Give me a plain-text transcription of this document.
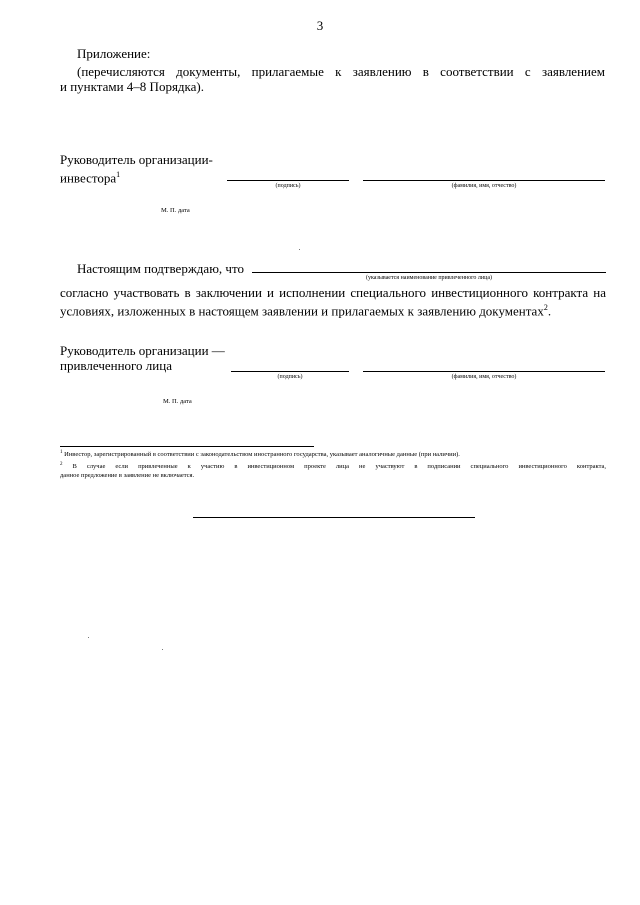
3
Приложение:
(перечисляются документы, прилагаемые к заявлению в соответствии с заявлением
и пунктами 4–8 Порядка).
Руководитель организации-
инвестора$^1$
(подпись)	(фамилия, имя, отчество)
М. П. дата
Настоящим подтверждаю, что
(указывается наименование привлеченного лица)
согласно участвовать в заключении и исполнении специального инвестиционного контракта на
условиях, изложенных в настоящем заявлении и прилагаемых к заявлению документах$^2$.
Руководитель организации —
привлеченного лица
(подпись)	(фамилия, имя, отчество)
М. П. дата
$^1$ Инвестор, зарегистрированный в соответствии с законодательством иностранного государства, указывает аналогичные данные (при наличии).
$^2$ В случае если привлеченные к участию в инвестиционном проекте лица не участвуют в подписании специального инвестиционного контракта,
данное предложение в заявление не включается.
